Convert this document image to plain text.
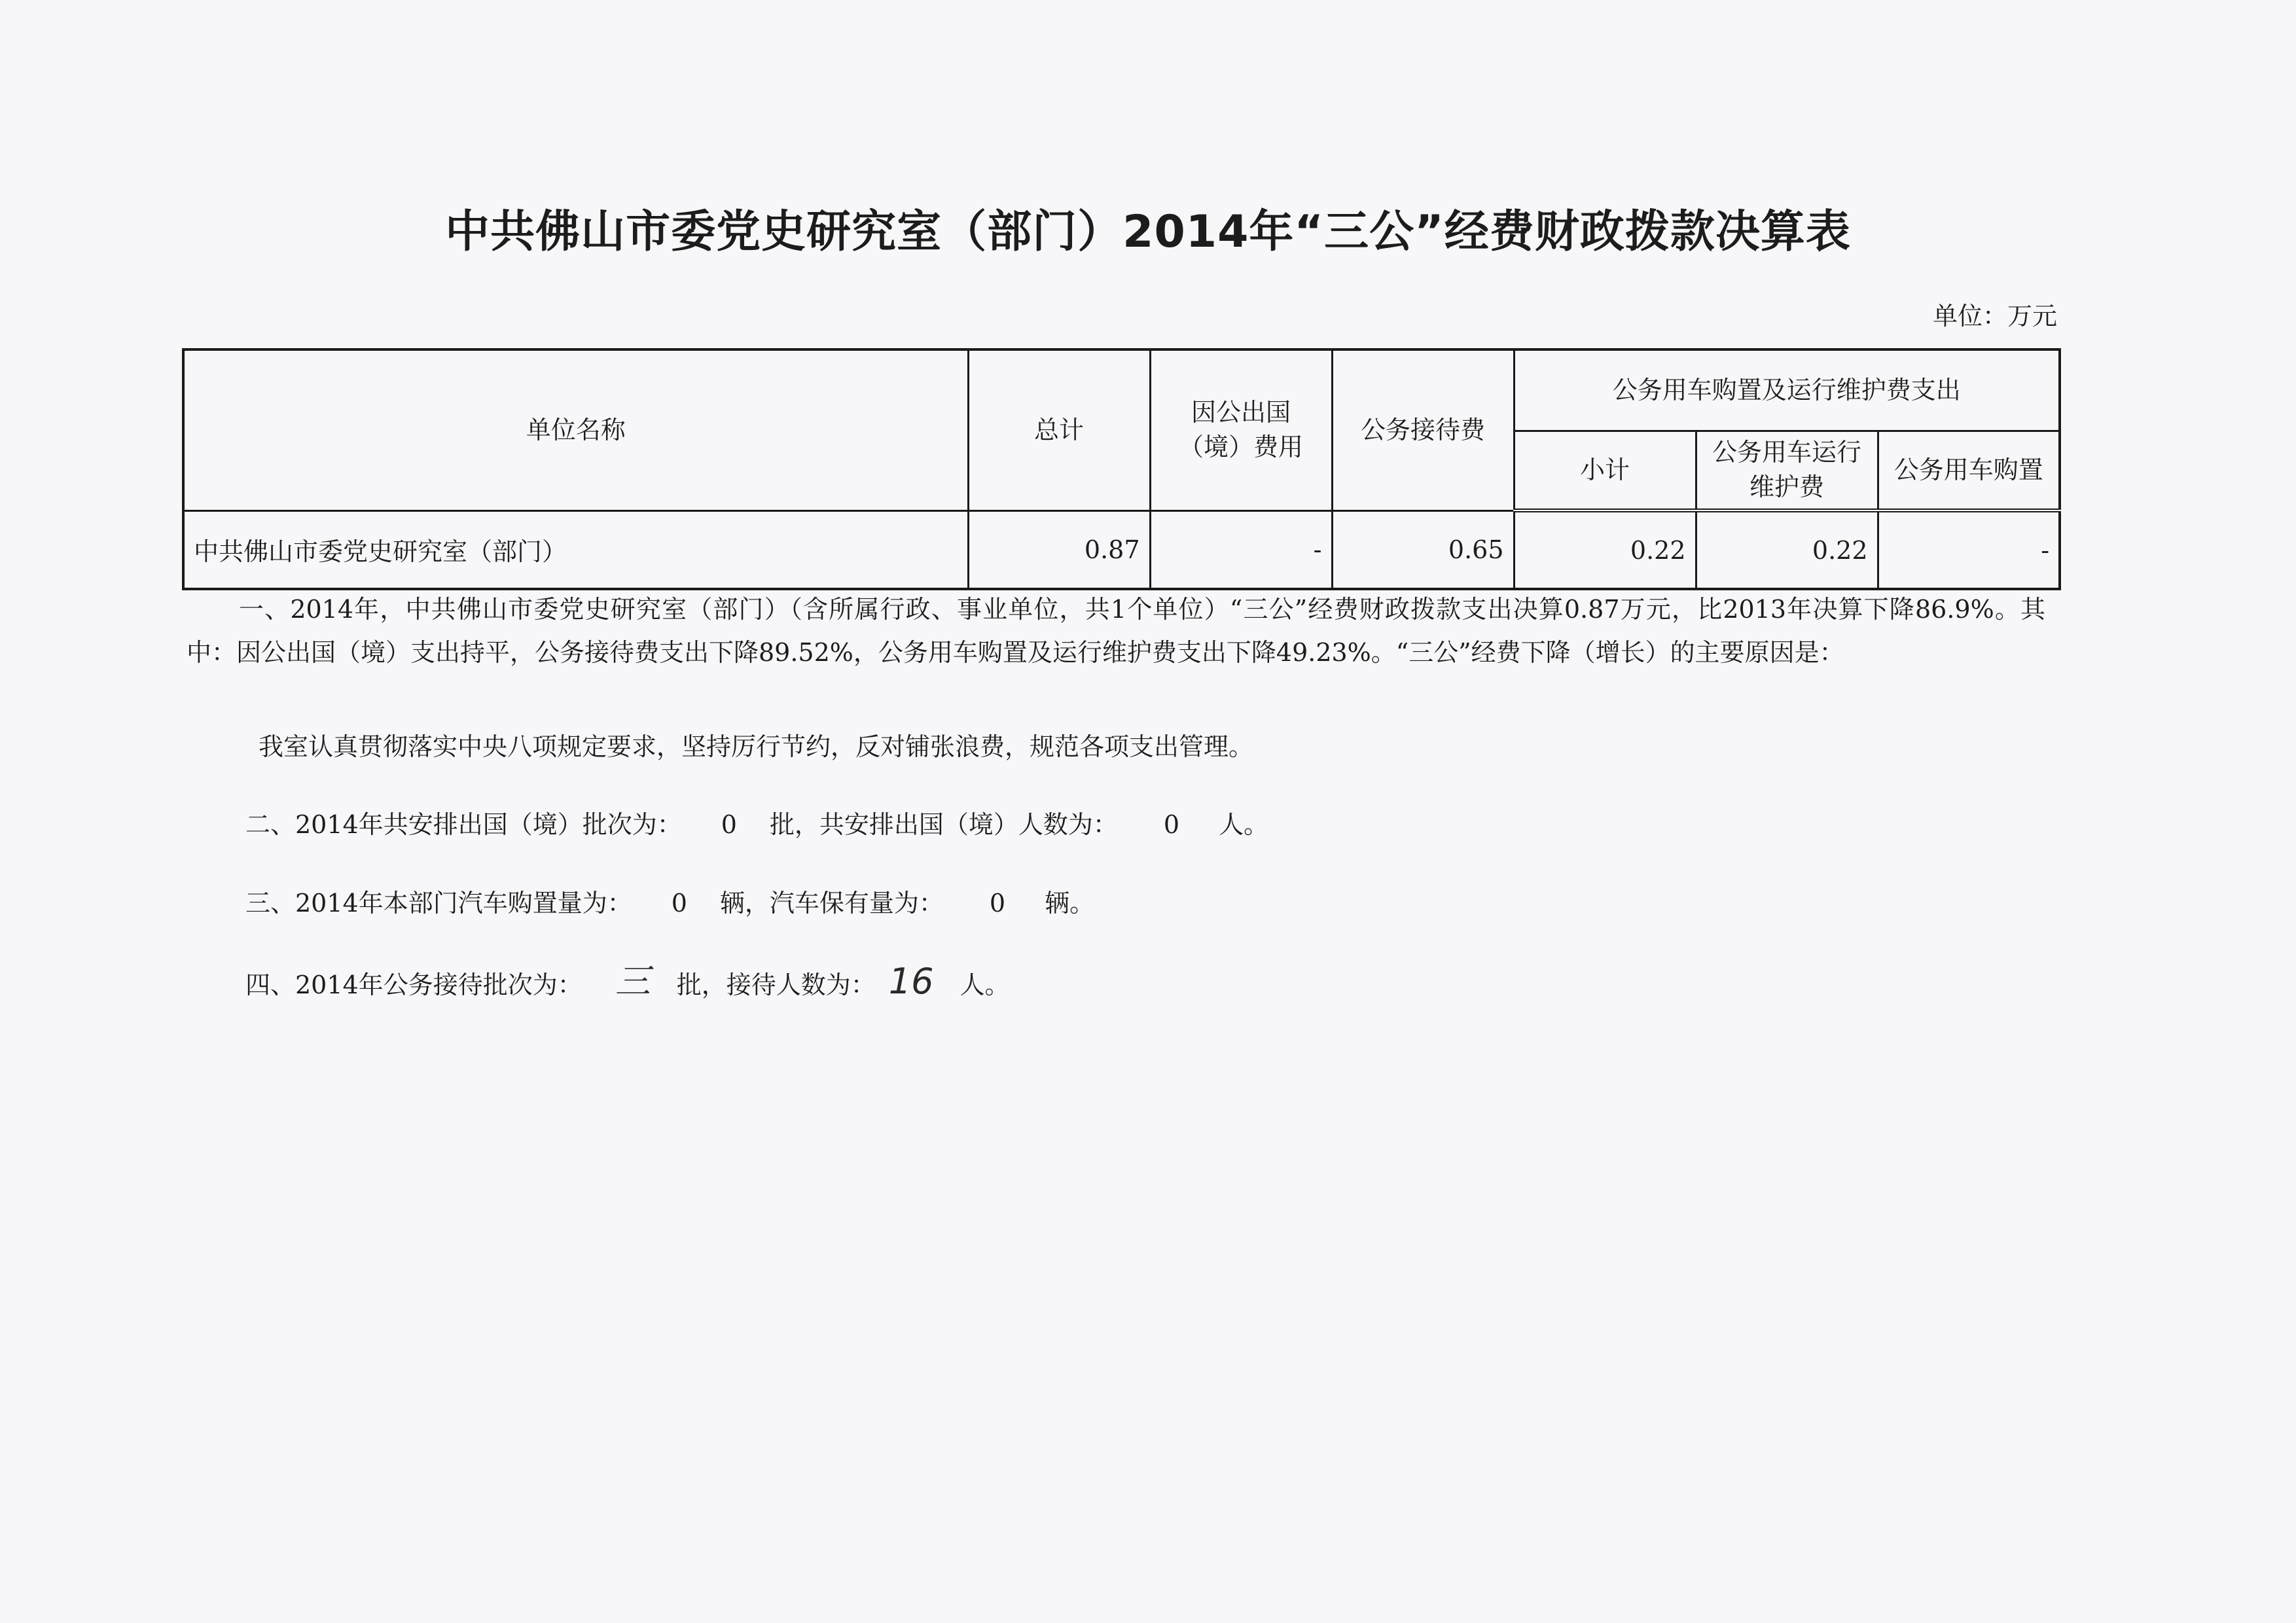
中共佛山市委党史研究室（部门）2014年“三公”经费财政拨款决算表
单位：万元
单位名称	总计	因公出国（境）费用	公务接待费	公务用车购置及运行维护费支出		
				小计	公务用车运行维护费	公务用车购置
中共佛山市委党史研究室（部门）	0.87	-	0.65	0.22	0.22	-
一、2014年，中共佛山市委党史研究室（部门）（含所属行政、事业单位，共1个单位）“三公”经费财政拨款支出决算0.87万元，比2013年决算下降86.9%。其中：因公出国（境）支出持平，公务接待费支出下降89.52%，公务用车购置及运行维护费支出下降49.23%。“三公”经费下降（增长）的主要原因是：
我室认真贯彻落实中央八项规定要求，坚持厉行节约，反对铺张浪费，规范各项支出管理。
二、2014年共安排出国（境）批次为： 0 批，共安排出国（境）人数为： 0 人。
三、2014年本部门汽车购置量为： 0 辆，汽车保有量为： 0 辆。
四、2014年公务接待批次为： 三 批，接待人数为： 16 人。
